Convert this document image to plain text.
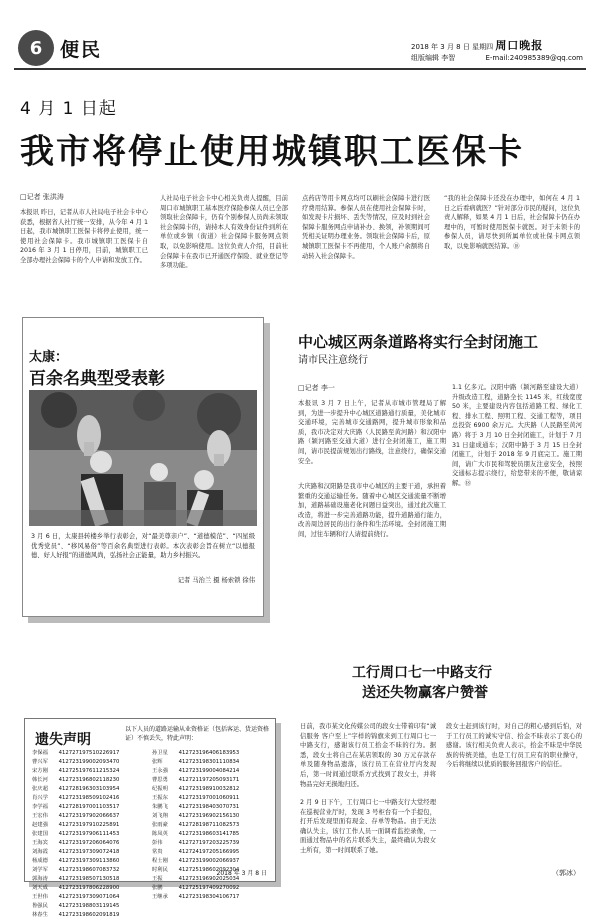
6 便民	2018 年 3 月 8 日 星期四 周口晚报
组版编辑 李智	E-mail:240985389@qq.com
4 月 1 日起
我市将停止使用城镇职工医保卡
□记者 张洪涛
本报讯 昨日，记者从市人社局电子社会卡中心获悉，根据省人社厅统一安排，从今年 4 月 1 日起，我市城镇职工医保卡将停止使用，统一使用社会保障卡。我市城镇职工医保卡自 2016 年 3 月 1 日停用，目前，城镇职工已全部办理社会保障卡的个人申请和发放工作。
人社局电子社会卡中心相关负责人提醒，目前周口市城镇职工基本医疗保险参保人员已全部领取社会保障卡，仍有个别参保人员尚未领取社会保障卡的，请持本人有效身份证件到所在单位或乡镇（街道）社会保障卡服务网点领取，以免影响使用。这位负责人介绍，目前社会保障卡在我市已开通医疗保险、就业登记等多项功能。
点药店等用卡网点均可以刷社会保障卡进行医疗费用结算。参保人员在使用社会保障卡时，如发现卡片损坏、丢失等情况，应及时到社会保障卡服务网点申请补办、换领，补领期间可凭相关证明办理业务。领取社会保障卡后，原城镇职工医保卡不再使用，个人账户余额将自动转入社会保障卡。
“我的社会保障卡还没在办理中，如何在 4 月 1 日之后看病就医？”针对部分市民的疑问，这位负责人解释，如果 4 月 1 日后，社会保障卡仍在办理中的，可暂时使用医保卡就医。对于未领卡的参保人员，请尽快到所属单位或社保卡网点领取，以免影响就医结算。⑱
太康：
百余名典型受表彰
3 月 6 日，太康县转楼乡举行表彰会，对“最美尊亲户”、“道德模范”、“四星级优秀党员”、“移风易俗”等百余名典型进行表彰。本次表彰会旨在树立“以德报德、好人好报”的道德风尚，弘扬社会正能量，助力乡村振兴。
记者 马治兰 摄 杨索锁 徐伟
中心城区两条道路将实行全封闭施工
请市民注意绕行
□记者 李一
本报讯 3 月 7 日上午，记者从市城市管理局了解到，为进一步提升中心城区道路通行质量，美化城市交通环境，完善城市交通路网，提升城市形象和品质，我市决定对大庆路（人民路至黄河路）和汉阳中路（颍河路至交通大道）进行全封闭施工，施工期间，请市民提前规划出行路线，注意绕行，确保交通安全。
大庆路和汉阳路是我市中心城区的主要干道，承担着繁重的交通运输任务。随着中心城区交通流量不断增加，道路基础设施老化问题日益突出，通过此次施工改造，将进一步完善道路功能，提升道路通行能力，改善周边居民的出行条件和生活环境。全封闭施工期间，过往车辆和行人请提前绕行。
1.1 亿多元。汉阳中路（颍河路至建设大道）升级改造工程，道路全长 1145 米，红线宽度 50 米，主要建设内容包括道路工程、绿化工程、排水工程、照明工程、交通工程等，项目总投资 6900 余万元。大庆路（人民路至黄河路）将于 3 月 10 日全封闭施工，计划于 7 月 31 日建成通车；汉阳中路于 3 月 15 日全封闭施工，计划于 2018 年 9 月底完工。施工期间，请广大市民和驾驶员朋友注意安全，按照交通标志提示绕行，给您带来的不便，敬请谅解。⑱
遗失声明
以下人员的道路运输从业资格证（包括客运、货运资格证）不慎丢失，特此声明：
李保福	412727197510226917	孙卫星	412723196406183953
曹兴军	412723199002093470	张辉	412723198301110834
宋方刚	412725197611215324	王永强	412723199004084214
韩长河	412723196802118230	曹思勇	412721197205093171
张庆超	412728196303103954	纪振明	412723198910032812
肖兴学	412723198509102416	王振东	412723197001060911
李学福	412728197001103517	朱鹏飞	412723198403070731
王宏伟	412723197902066637	刘飞翔	412723196902156130
赵建强	412723197910225891	张雨豪	412728198711082573
张建国	412723197906111453	陈凤英	412723198603141785
王海宾	412723197206064076	彭伟	412727197203225739
刘海霞	412723197309072418	常贵	412724197205166995
杨成德	412723197309113860	程士刚	412723199002066937
刘学军	412723198607083732	时利民	412725198602092304
郭海涛	412723198507130518	王振	412723196902025034
刘天成	412723197806228900	张鹏	412725197409270092
王世伟	412723197309071064	王继承	412723198304106717
鲁强民	412723198803119145		
林春生	412723198602091819		
2018 年 3 月 8 日
工行周口七一中路支行
送还失物赢客户赞誉
日前，我市某文化传媒公司的段女士带着印有“诚信服务 客户至上”字样的锦旗来到工行周口七一中路支行，感谢该行员工拾金不昧的行为。据悉，段女士将自己在某店领取的 30 万元存款存单及随身物品遗落，该行员工在营业厅内发现后，第一时间通过联系方式找到了段女士，并将物品完好无损地归还。
2 月 9 日下午，工行周口七一中路支行大堂经理在巡视营业厅时，发现 3 号柜台有一个手提包，打开后发现里面有现金、存单等物品。由于无法确认失主，该行工作人员一面调看监控录像，一面通过物品中的名片联系失主，最终确认为段女士所有，第一时间联系了她。
段女士赶到该行时，对自己的粗心感到后怕，对于工行员工的诚实守信、拾金不昧表示了衷心的感谢。该行相关负责人表示，拾金不昧是中华民族的传统美德，也是工行员工应有的职业操守，今后将继续以优质的服务回报客户的信任。
（郭冰）
